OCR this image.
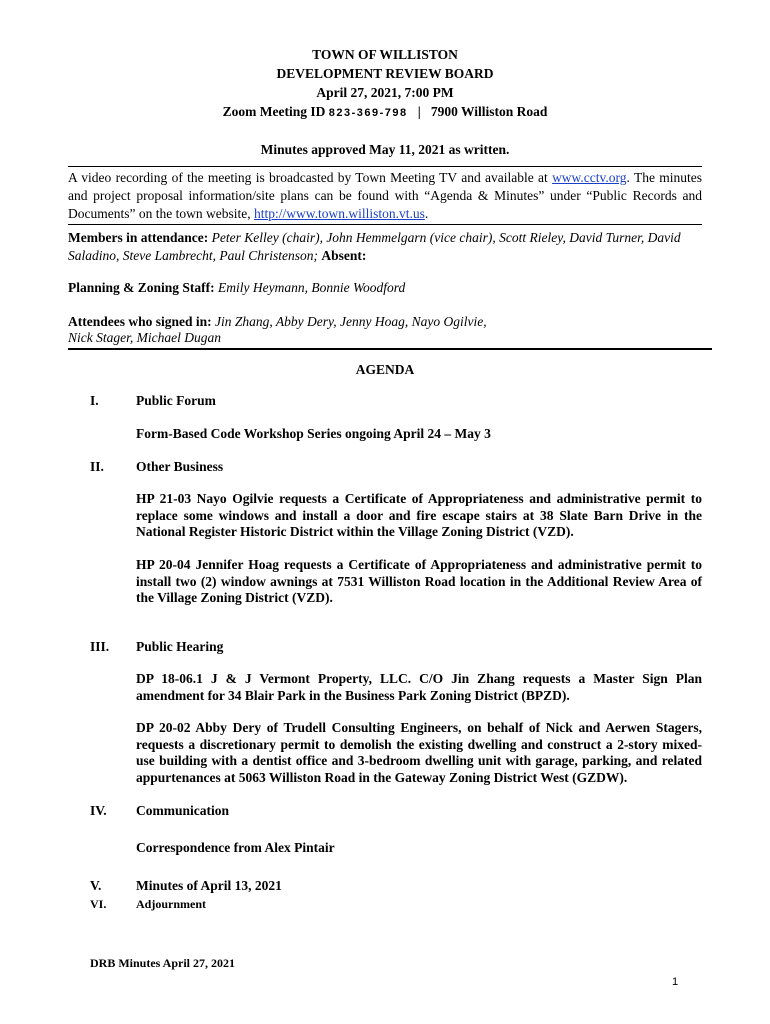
TOWN OF WILLISTON
DEVELOPMENT REVIEW BOARD
April 27, 2021, 7:00 PM
Zoom Meeting ID 823-369-798 | 7900 Williston Road
Minutes approved May 11, 2021 as written.
A video recording of the meeting is broadcasted by Town Meeting TV and available at www.cctv.org. The minutes and project proposal information/site plans can be found with “Agenda & Minutes” under “Public Records and Documents” on the town website, http://www.town.williston.vt.us.
Members in attendance: Peter Kelley (chair), John Hemmelgarn (vice chair), Scott Rieley, David Turner, David Saladino, Steve Lambrecht, Paul Christenson; Absent:
Planning & Zoning Staff: Emily Heymann, Bonnie Woodford
Attendees who signed in: Jin Zhang, Abby Dery, Jenny Hoag, Nayo Ogilvie,
Nick Stager, Michael Dugan
AGENDA
I.	Public Forum
Form-Based Code Workshop Series ongoing April 24 – May 3
II. Other Business
HP 21-03 Nayo Ogilvie requests a Certificate of Appropriateness and administrative permit to replace some windows and install a door and fire escape stairs at 38 Slate Barn Drive in the National Register Historic District within the Village Zoning District (VZD).
HP 20-04 Jennifer Hoag requests a Certificate of Appropriateness and administrative permit to install two (2) window awnings at 7531 Williston Road location in the Additional Review Area of the Village Zoning District (VZD).
III. Public Hearing
DP 18-06.1 J & J Vermont Property, LLC. C/O Jin Zhang requests a Master Sign Plan amendment for 34 Blair Park in the Business Park Zoning District (BPZD).
DP 20-02 Abby Dery of Trudell Consulting Engineers, on behalf of Nick and Aerwen Stagers, requests a discretionary permit to demolish the existing dwelling and construct a 2-story mixed-use building with a dentist office and 3-bedroom dwelling unit with garage, parking, and related appurtenances at 5063 Williston Road in the Gateway Zoning District West (GZDW).
IV. Communication
Correspondence from Alex Pintair
V.	Minutes of April 13, 2021
VI. Adjournment
DRB Minutes April 27, 2021
1
